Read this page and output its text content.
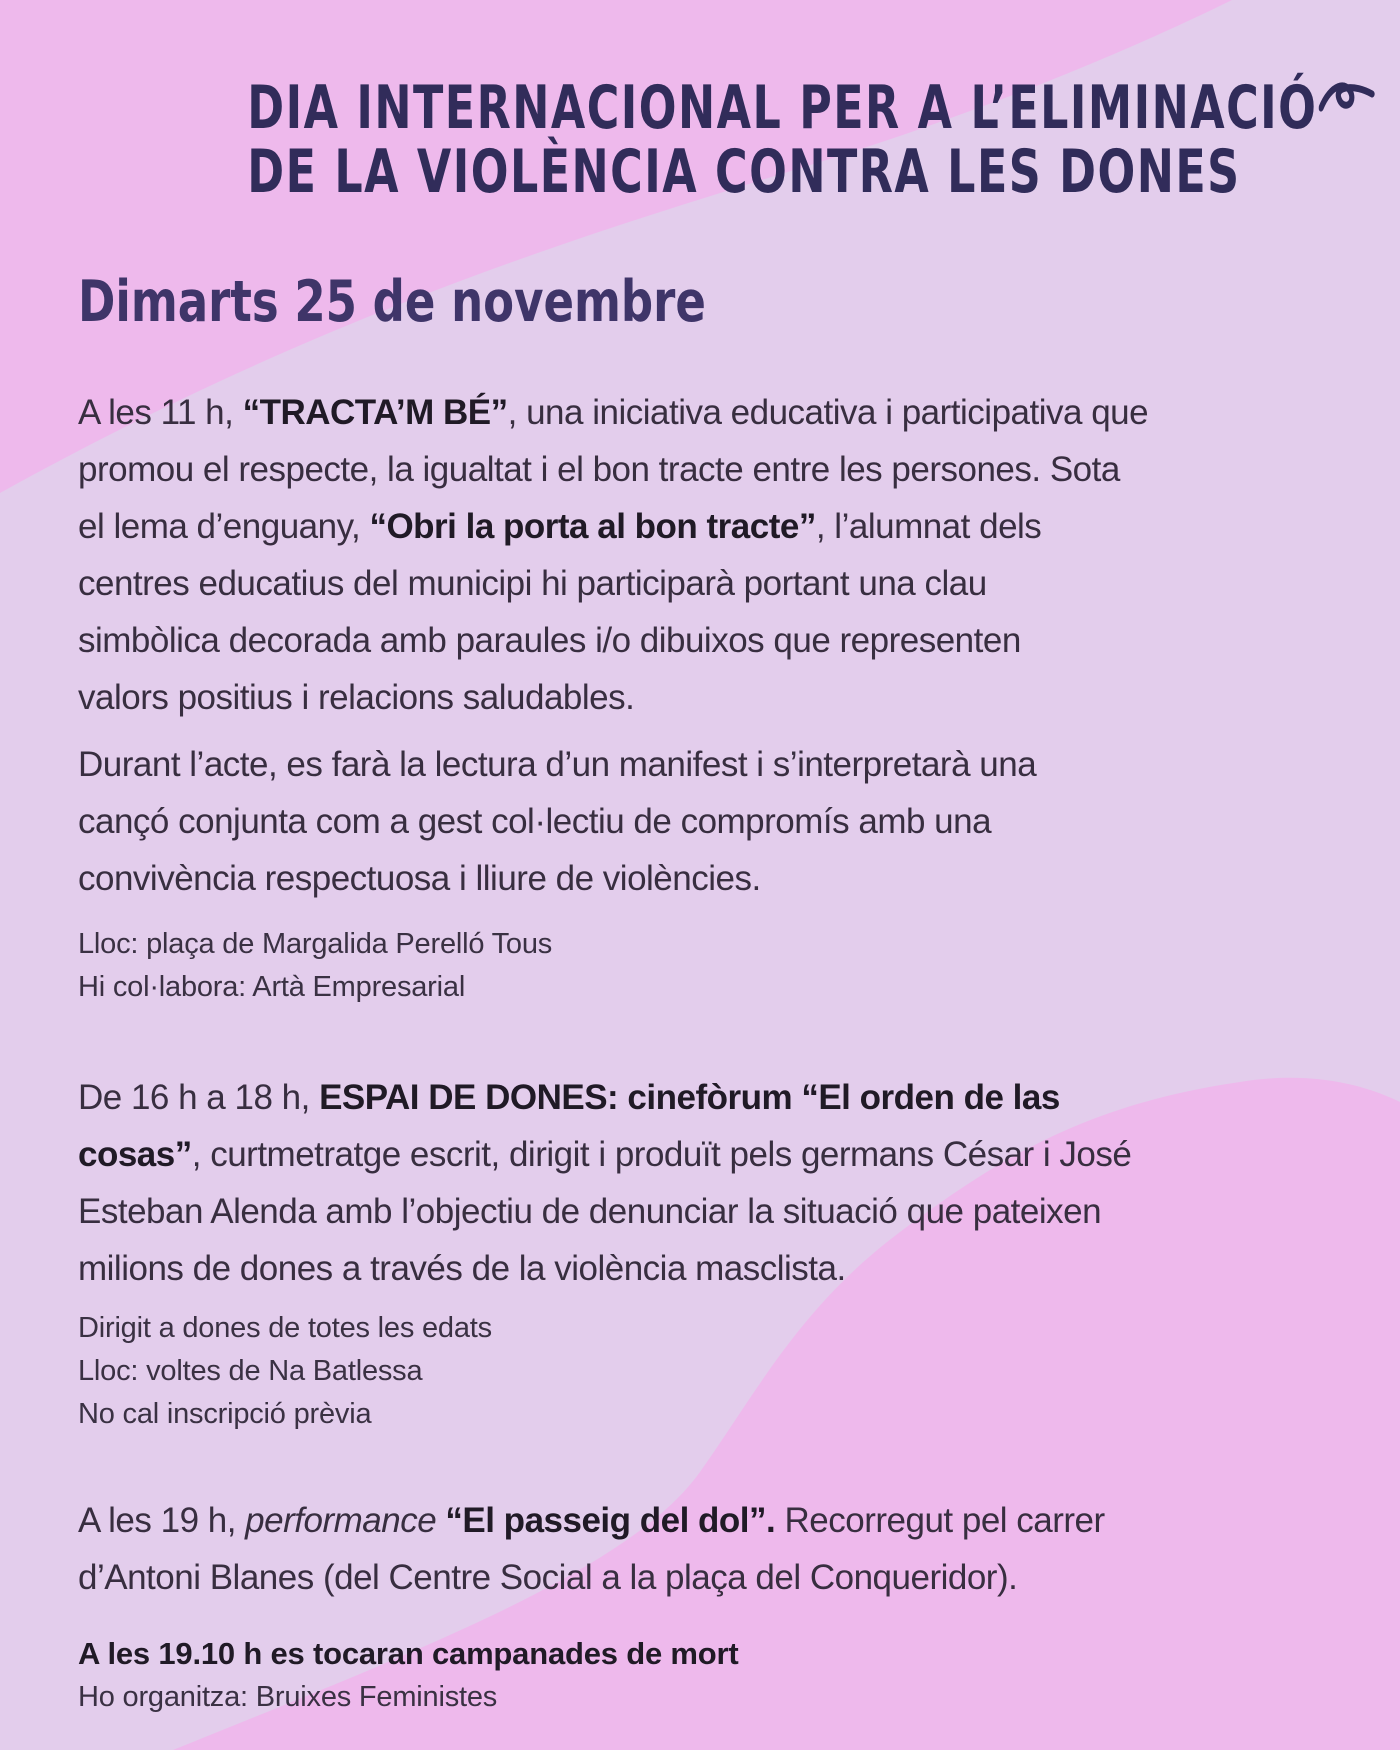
DIA INTERNACIONAL PER A L’ELIMINACIÓ
DE LA VIOLÈNCIA CONTRA LES DONES
Dimarts 25 de novembre
A les 11 h, “TRACTA’M BÉ”, una iniciativa educativa i participativa que
promou el respecte, la igualtat i el bon tracte entre les persones. Sota
el lema d’enguany, “Obri la porta al bon tracte”, l’alumnat dels
centres educatius del municipi hi participarà portant una clau
simbòlica decorada amb paraules i/o dibuixos que representen
valors positius i relacions saludables.
Durant l’acte, es farà la lectura d’un manifest i s’interpretarà una
cançó conjunta com a gest col·lectiu de compromís amb una
convivència respectuosa i lliure de violències.
Lloc: plaça de Margalida Perelló Tous
Hi col·labora: Artà Empresarial
De 16 h a 18 h, ESPAI DE DONES: cinefòrum “El orden de las
cosas”, curtmetratge escrit, dirigit i produït pels germans César i José
Esteban Alenda amb l’objectiu de denunciar la situació que pateixen
milions de dones a través de la violència masclista.
Dirigit a dones de totes les edats
Lloc: voltes de Na Batlessa
No cal inscripció prèvia
A les 19 h, performance “El passeig del dol”. Recorregut pel carrer
d’Antoni Blanes (del Centre Social a la plaça del Conqueridor).
A les 19.10 h es tocaran campanades de mort
Ho organitza: Bruixes Feministes
